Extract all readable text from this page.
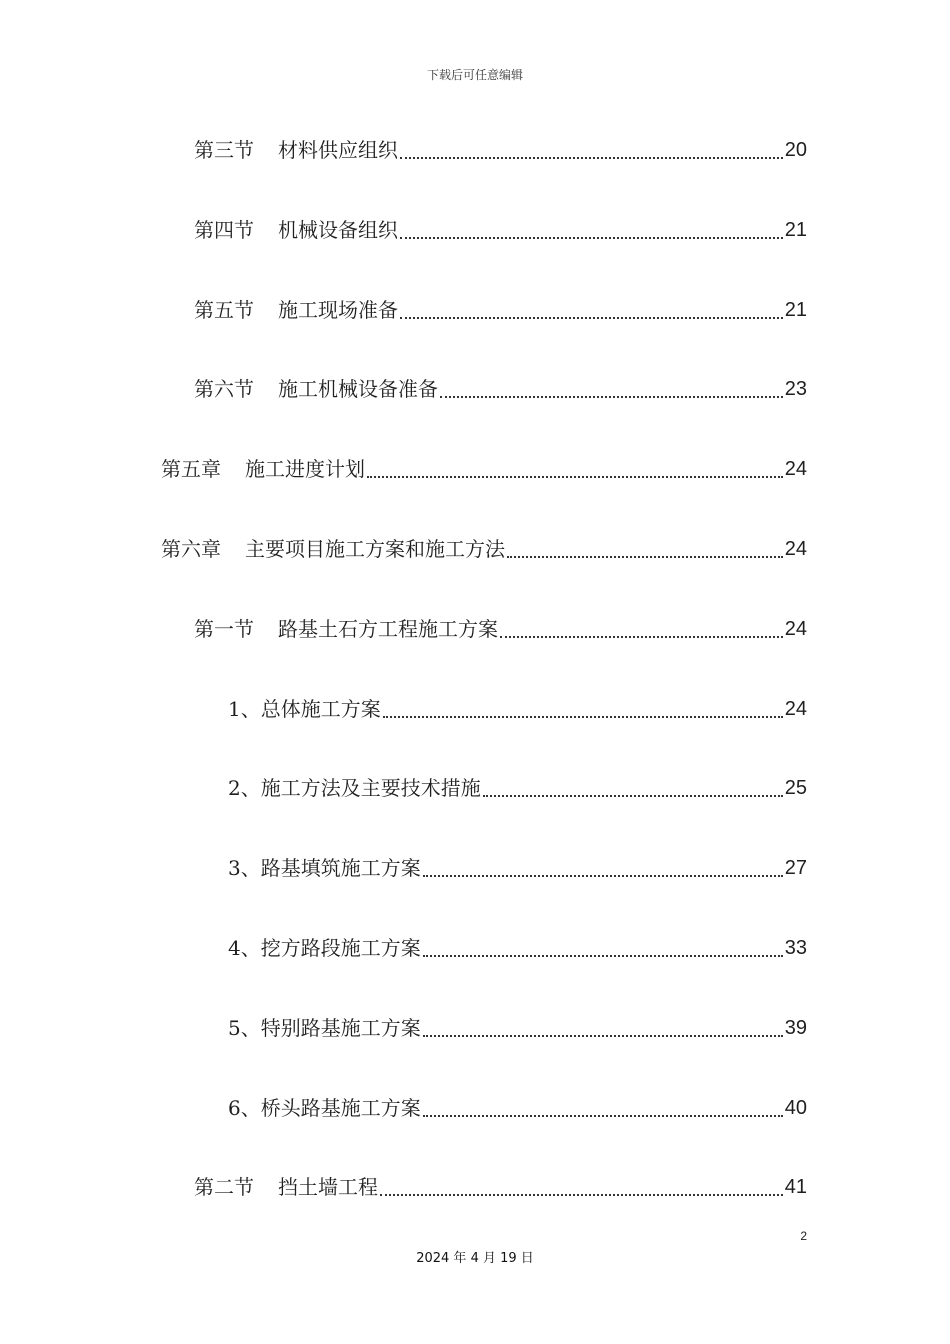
下载后可任意编辑
第三节 材料供应组织	20
第四节 机械设备组织	21
第五节 施工现场准备	21
第六节 施工机械设备准备	23
第五章 施工进度计划	24
第六章 主要项目施工方案和施工方法	24
第一节 路基土石方工程施工方案	24
1、总体施工方案	24
2、施工方法及主要技术措施	25
3、路基填筑施工方案	27
4、挖方路段施工方案	33
5、特别路基施工方案	39
6、桥头路基施工方案	40
第二节 挡土墙工程	41
2
2024 年 4 月 19 日
